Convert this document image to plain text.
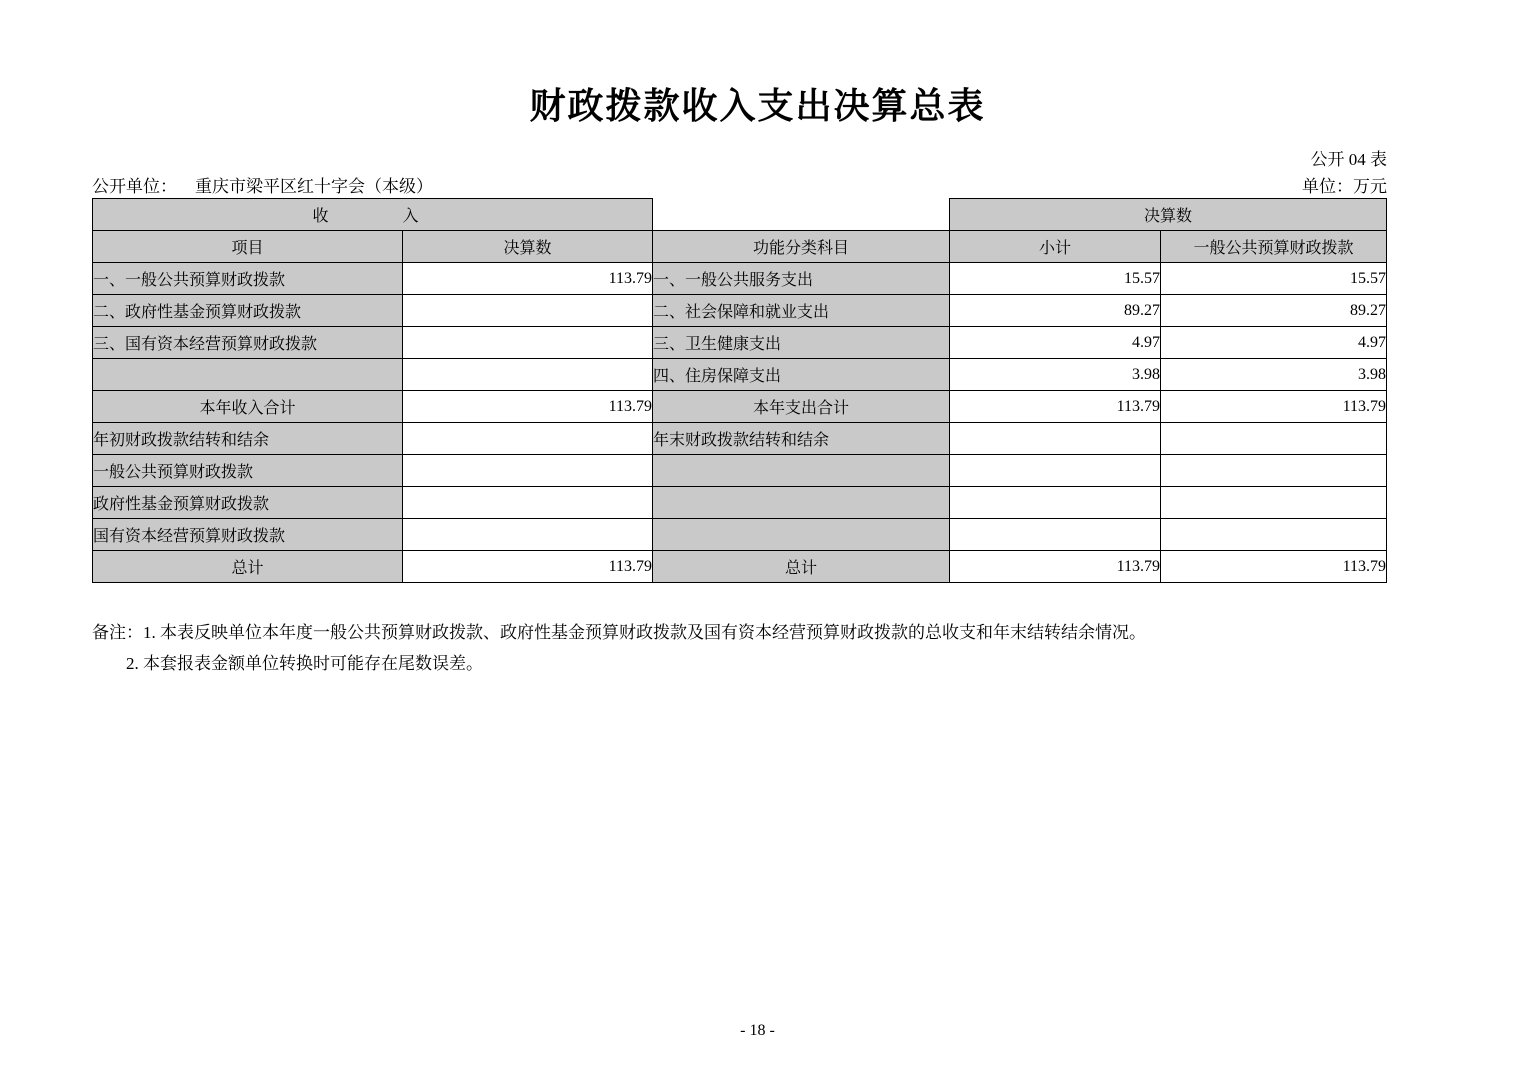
财政拨款收入支出决算总表
公开 04 表
公开单位： 重庆市梁平区红十字会（本级）	单位：万元
收　　入			决算数	
项目	决算数	功能分类科目	小计	一般公共预算财政拨款

一、一般公共预算财政拨款	113.79	一、一般公共服务支出	15.57	15.57
二、政府性基金预算财政拨款		二、社会保障和就业支出	89.27	89.27
三、国有资本经营预算财政拨款		三、卫生健康支出	4.97	4.97
		四、住房保障支出	3.98	3.98
本年收入合计	113.79	本年支出合计	113.79	113.79
年初财政拨款结转和结余		年末财政拨款结转和结余		
一般公共预算财政拨款				
政府性基金预算财政拨款				
国有资本经营预算财政拨款				
总计	113.79	总计	113.79	113.79
备注：1. 本表反映单位本年度一般公共预算财政拨款、政府性基金预算财政拨款及国有资本经营预算财政拨款的总收支和年末结转结余情况。
2. 本套报表金额单位转换时可能存在尾数误差。
- 18 -
